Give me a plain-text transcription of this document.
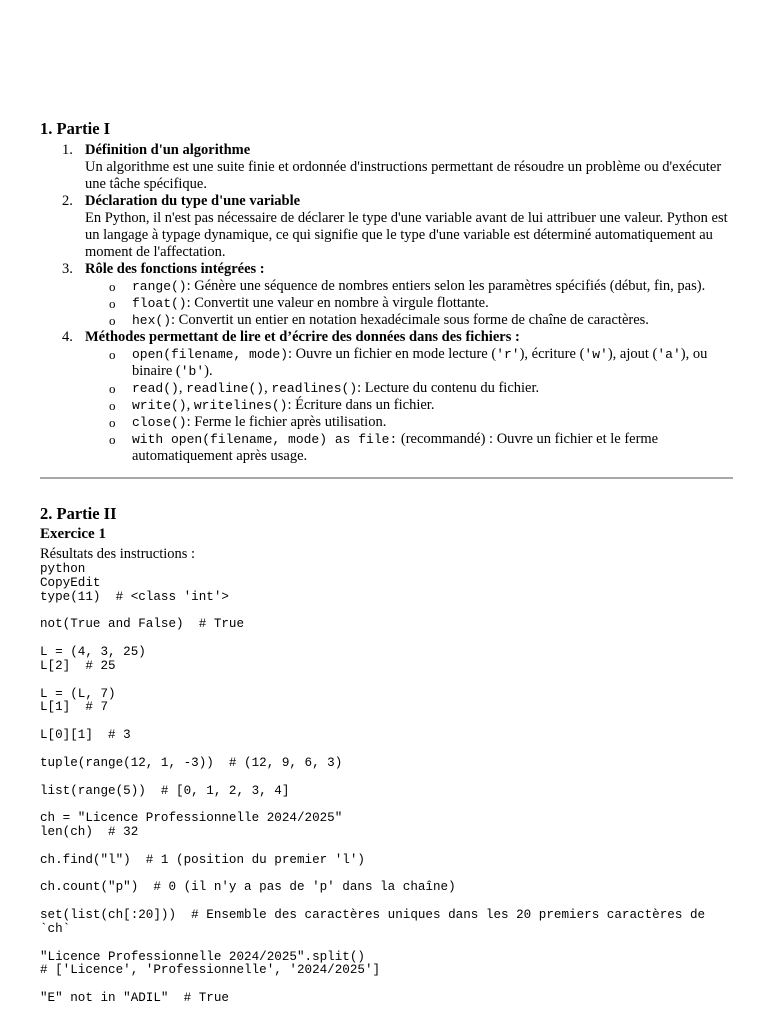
1. Partie I
1. Définition d'un algorithme
Un algorithme est une suite finie et ordonnée d'instructions permettant de résoudre un problème ou d'exécuter une tâche spécifique.
2. Déclaration du type d'une variable
En Python, il n'est pas nécessaire de déclarer le type d'une variable avant de lui attribuer une valeur. Python est un langage à typage dynamique, ce qui signifie que le type d'une variable est déterminé automatiquement au moment de l'affectation.
3. Rôle des fonctions intégrées :
o range(): Génère une séquence de nombres entiers selon les paramètres spécifiés (début, fin, pas).
o float(): Convertit une valeur en nombre à virgule flottante.
o hex(): Convertit un entier en notation hexadécimale sous forme de chaîne de caractères.
4. Méthodes permettant de lire et d’écrire des données dans des fichiers :
o open(filename, mode): Ouvre un fichier en mode lecture ('r'), écriture ('w'), ajout ('a'), ou binaire ('b').
o read(), readline(), readlines(): Lecture du contenu du fichier.
o write(), writelines(): Écriture dans un fichier.
o close(): Ferme le fichier après utilisation.
o with open(filename, mode) as file: (recommandé) : Ouvre un fichier et le ferme automatiquement après usage.
2. Partie II
Exercice 1
Résultats des instructions :
python
CopyEdit
type(11)  # <class 'int'>

not(True and False)  # True

L = (4, 3, 25)
L[2]  # 25

L = (L, 7)
L[1]  # 7

L[0][1]  # 3

tuple(range(12, 1, -3))  # (12, 9, 6, 3)

list(range(5))  # [0, 1, 2, 3, 4]

ch = "Licence Professionnelle 2024/2025"
len(ch)  # 32

ch.find("l")  # 1 (position du premier 'l')

ch.count("p")  # 0 (il n'y a pas de 'p' dans la chaîne)

set(list(ch[:20]))  # Ensemble des caractères uniques dans les 20 premiers caractères de `ch`

"Licence Professionnelle 2024/2025".split()
# ['Licence', 'Professionnelle', '2024/2025']

"E" not in "ADIL"  # True
